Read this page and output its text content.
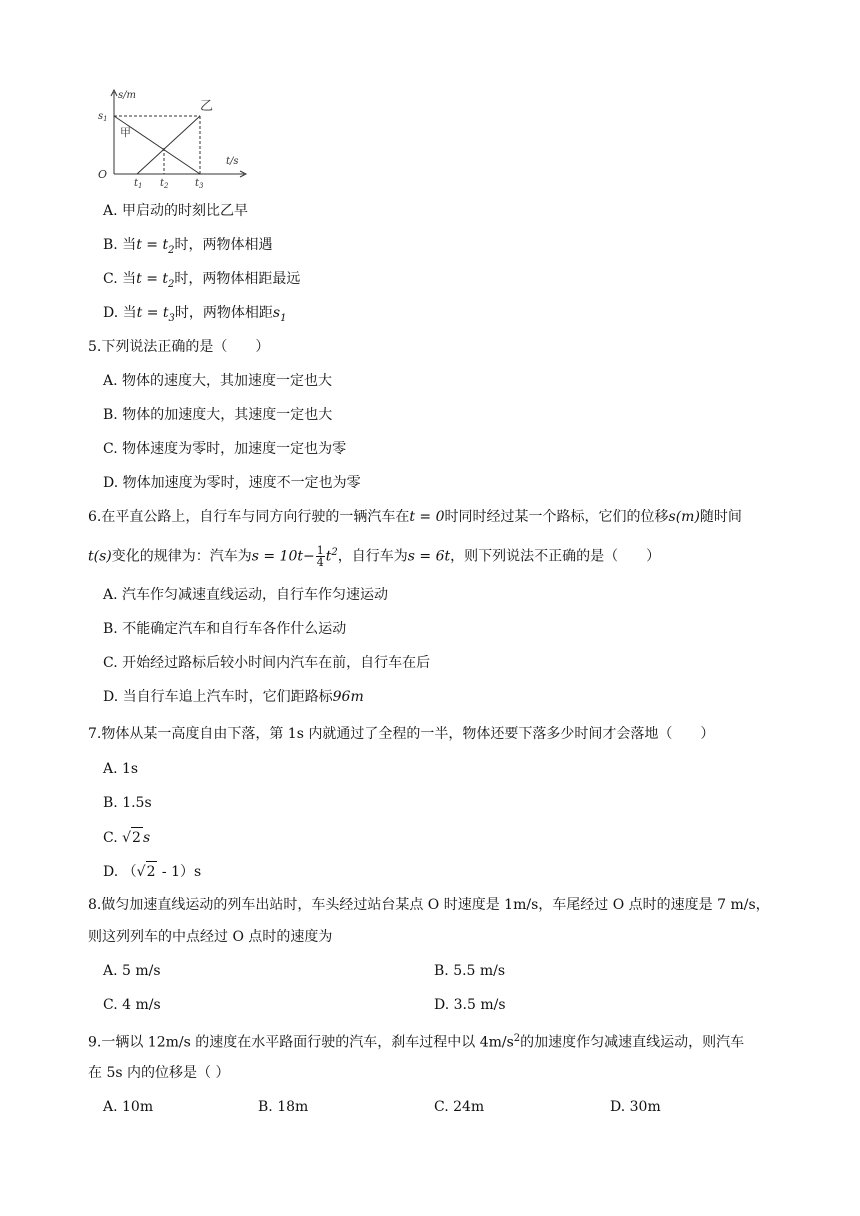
s/m
t/s
O
$s_1$
甲
乙
$t_1$ $t_2$	$t_3$
A. 甲启动的时刻比乙早
B. 当$t = t_2$时，两物体相遇
C. 当$t = t_2$时，两物体相距最远
D. 当$t = t_3$时，两物体相距$s_1$
5.下列说法正确的是（　　）
A. 物体的速度大，其加速度一定也大
B. 物体的加速度大，其速度一定也大
C. 物体速度为零时，加速度一定也为零
D. 物体加速度为零时，速度不一定也为零
6.在平直公路上，自行车与同方向行驶的一辆汽车在t = 0时同时经过某一个路标，它们的位移s(m)随时间
t(s)变化的规律为：汽车为$s = 10t- \frac{1}{4} t^2$，自行车为s = 6t，则下列说法不正确的是（　　）
A. 汽车作匀减速直线运动，自行车作匀速运动
B. 不能确定汽车和自行车各作什么运动
C. 开始经过路标后较小时间内汽车在前，自行车在后
D. 当自行车追上汽车时，它们距路标96m
7.物体从某一高度自由下落，第 1s 内就通过了全程的一半，物体还要下落多少时间才会落地（　　）
A. 1s
B. 1.5s
C. √2 s
D. （√2 - 1）s
8.做匀加速直线运动的列车出站时，车头经过站台某点 O 时速度是 1m/s，车尾经过 O 点时的速度是 7 m/s，
则这列列车的中点经过 O 点时的速度为
A. 5 m/s	B. 5.5 m/s
C. 4 m/s	D. 3.5 m/s
9.一辆以 12m/s 的速度在水平路面行驶的汽车，刹车过程中以 $4m/s^2$的加速度作匀减速直线运动，则汽车
在 5s 内的位移是（ ）
A. 10m	B. 18m	C. 24m	D. 30m
